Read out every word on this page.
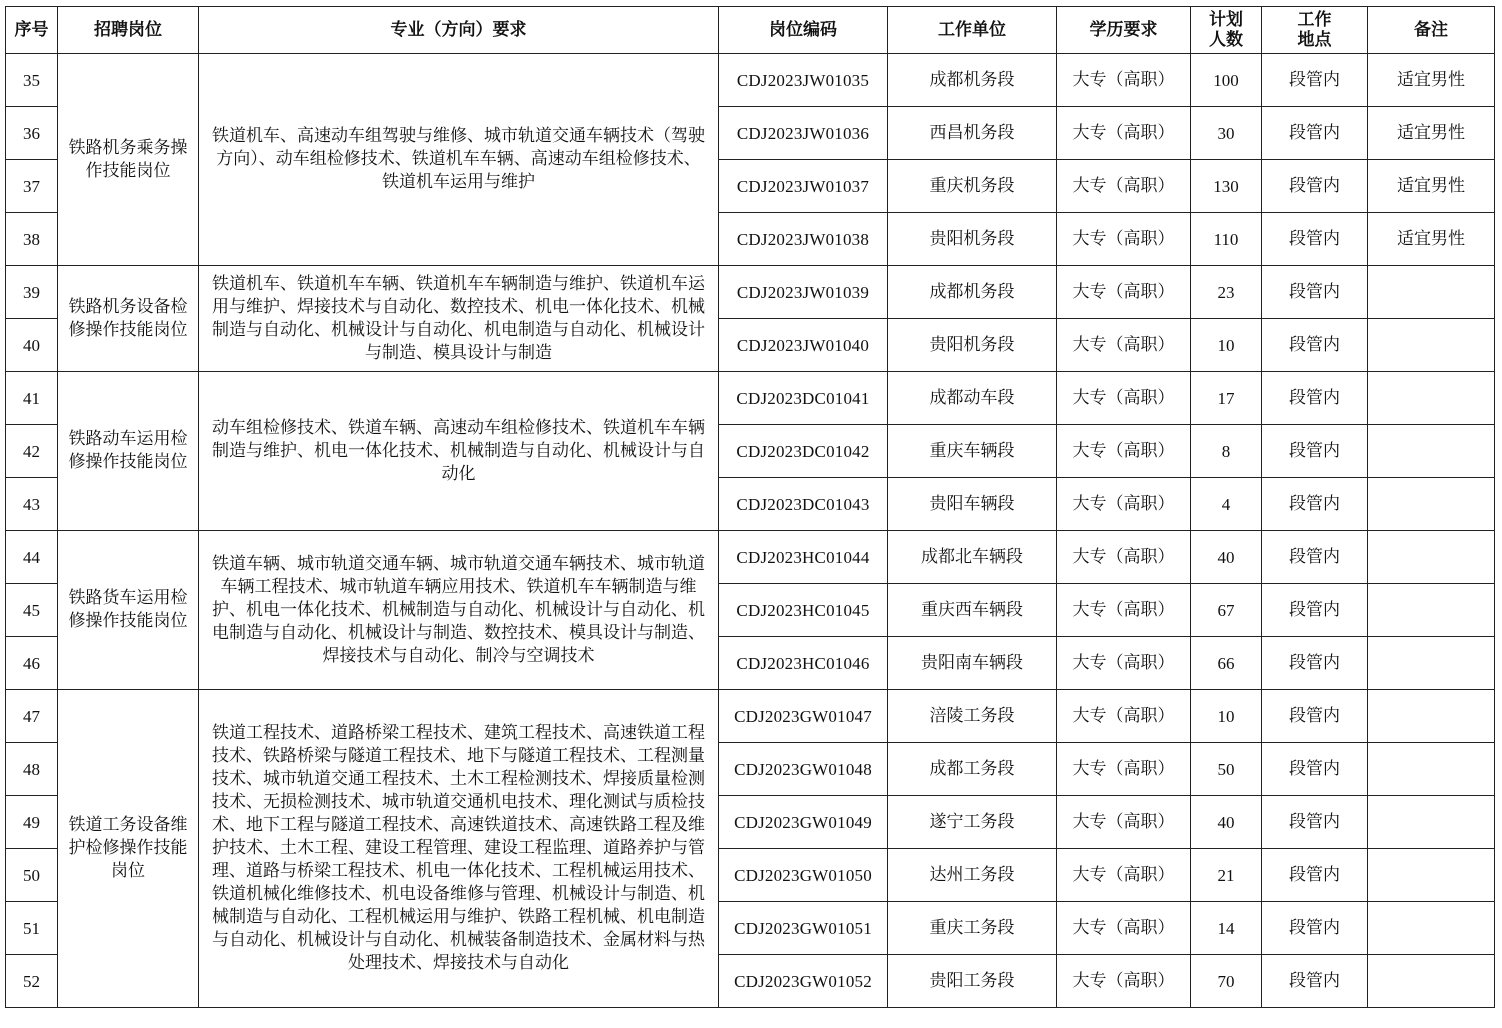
序号	招聘岗位	专业（方向）要求	岗位编码	工作单位	学历要求	计划人数	工作地点	备注
35	铁路机务乘务操作技能岗位	铁道机车、高速动车组驾驶与维修、城市轨道交通车辆技术（驾驶方向）、动车组检修技术、铁道机车车辆、高速动车组检修技术、铁道机车运用与维护	CDJ2023JW01035	成都机务段	大专（高职）	100	段管内	适宜男性
36			CDJ2023JW01036	西昌机务段	大专（高职）	30	段管内	适宜男性
37			CDJ2023JW01037	重庆机务段	大专（高职）	130	段管内	适宜男性
38			CDJ2023JW01038	贵阳机务段	大专（高职）	110	段管内	适宜男性
39	铁路机务设备检修操作技能岗位	铁道机车、铁道机车车辆、铁道机车车辆制造与维护、铁道机车运用与维护、焊接技术与自动化、数控技术、机电一体化技术、机械制造与自动化、机械设计与自动化、机电制造与自动化、机械设计与制造、模具设计与制造	CDJ2023JW01039	成都机务段	大专（高职）	23	段管内	
40			CDJ2023JW01040	贵阳机务段	大专（高职）	10	段管内	
41	铁路动车运用检修操作技能岗位	动车组检修技术、铁道车辆、高速动车组检修技术、铁道机车车辆制造与维护、机电一体化技术、机械制造与自动化、机械设计与自动化	CDJ2023DC01041	成都动车段	大专（高职）	17	段管内	
42			CDJ2023DC01042	重庆车辆段	大专（高职）	8	段管内	
43			CDJ2023DC01043	贵阳车辆段	大专（高职）	4	段管内	
44	铁路货车运用检修操作技能岗位	铁道车辆、城市轨道交通车辆、城市轨道交通车辆技术、城市轨道车辆工程技术、城市轨道车辆应用技术、铁道机车车辆制造与维护、机电一体化技术、机械制造与自动化、机械设计与自动化、机电制造与自动化、机械设计与制造、数控技术、模具设计与制造、焊接技术与自动化、制冷与空调技术	CDJ2023HC01044	成都北车辆段	大专（高职）	40	段管内	
45			CDJ2023HC01045	重庆西车辆段	大专（高职）	67	段管内	
46			CDJ2023HC01046	贵阳南车辆段	大专（高职）	66	段管内	
47	铁道工务设备维护检修操作技能岗位	铁道工程技术、道路桥梁工程技术、建筑工程技术、高速铁道工程技术、铁路桥梁与隧道工程技术、地下与隧道工程技术、工程测量技术、城市轨道交通工程技术、土木工程检测技术、焊接质量检测技术、无损检测技术、城市轨道交通机电技术、理化测试与质检技术、地下工程与隧道工程技术、高速铁道技术、高速铁路工程及维护技术、土木工程、建设工程管理、建设工程监理、道路养护与管理、道路与桥梁工程技术、机电一体化技术、工程机械运用技术、铁道机械化维修技术、机电设备维修与管理、机械设计与制造、机械制造与自动化、工程机械运用与维护、铁路工程机械、机电制造与自动化、机械设计与自动化、机械装备制造技术、金属材料与热处理技术、焊接技术与自动化	CDJ2023GW01047	涪陵工务段	大专（高职）	10	段管内	
48			CDJ2023GW01048	成都工务段	大专（高职）	50	段管内	
49			CDJ2023GW01049	遂宁工务段	大专（高职）	40	段管内	
50			CDJ2023GW01050	达州工务段	大专（高职）	21	段管内	
51			CDJ2023GW01051	重庆工务段	大专（高职）	14	段管内	
52			CDJ2023GW01052	贵阳工务段	大专（高职）	70	段管内	
